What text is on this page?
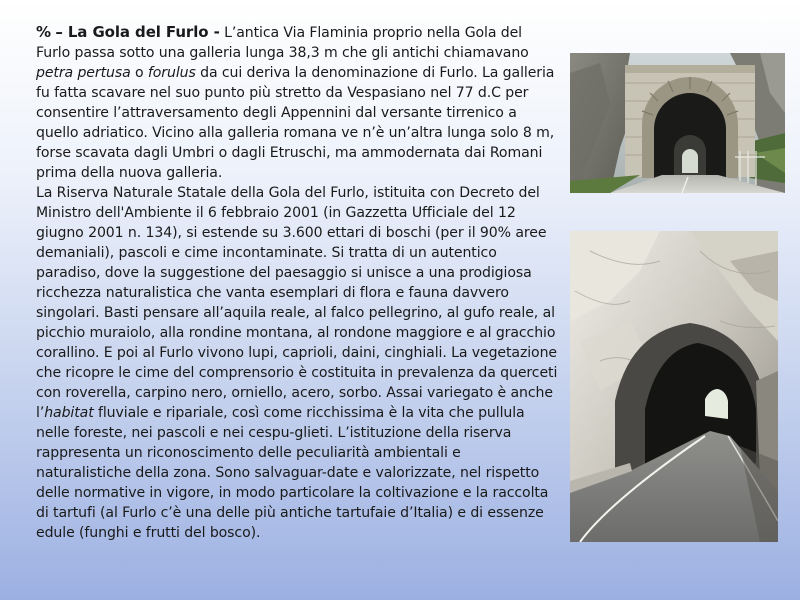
% – La Gola del Furlo - L’antica Via Flaminia proprio nella Gola del Furlo passa sotto una galleria lunga 38,3 m che gli antichi chiamavano petra pertusa o forulus da cui deriva la denominazione di Furlo. La galleria fu fatta scavare nel suo punto più stretto da Vespasiano nel 77 d.C per consentire l’attraversamento degli Appennini dal versante tirrenico a quello adriatico. Vicino alla galleria romana ve n’è un’altra lunga solo 8 m, forse scavata dagli Umbri o dagli Etruschi, ma ammodernata dai Romani prima della nuova galleria.

La Riserva Naturale Statale della Gola del Furlo, istituita con Decreto del Ministro dell'Ambiente il 6 febbraio 2001 (in Gazzetta Ufficiale del 12 giugno 2001 n. 134), si estende su 3.600 ettari di boschi (per il 90% aree demaniali), pascoli e cime incontaminate. Si tratta di un autentico paradiso, dove la suggestione del paesaggio si unisce a una prodigiosa ricchezza naturalistica che vanta esemplari di flora e fauna davvero singolari. Basti pensare all’aquila reale, al falco pellegrino, al gufo reale, al picchio muraiolo, alla rondine montana, al rondone maggiore e al gracchio corallino. E poi al Furlo vivono lupi, caprioli, daini, cinghiali. La vegetazione che ricopre le cime del comprensorio è costituita in prevalenza da querceti con roverella, carpino nero, orniello, acero, sorbo. Assai variegato è anche l’habitat fluviale e ripariale, così come ricchissima è la vita che pullula nelle foreste, nei pascoli e nei cespu-glieti. L’istituzione della riserva rappresenta un riconoscimento delle peculiarità ambientali e naturalistiche della zona. Sono salvaguar-date e valorizzate, nel rispetto delle normative in vigore, in modo particolare la coltivazione e la raccolta di tartufi (al Furlo c’è una delle più antiche tartufaie d’Italia) e di essenze edule (funghi e frutti del bosco).
